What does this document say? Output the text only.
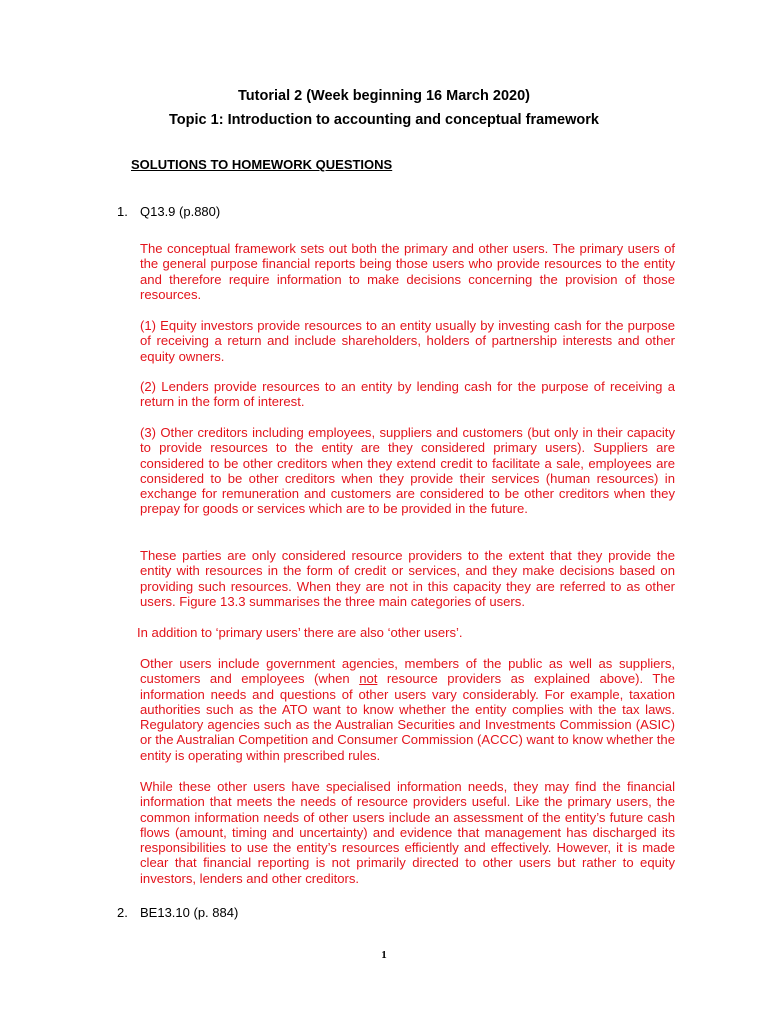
Tutorial 2 (Week beginning 16 March 2020)
Topic 1: Introduction to accounting and conceptual framework
SOLUTIONS TO HOMEWORK QUESTIONS
1. Q13.9 (p.880)
The conceptual framework sets out both the primary and other users. The primary users of the general purpose financial reports being those users who provide resources to the entity and therefore require information to make decisions concerning the provision of those resources.
(1) Equity investors provide resources to an entity usually by investing cash for the purpose of receiving a return and include shareholders, holders of partnership interests and other equity owners.
(2) Lenders provide resources to an entity by lending cash for the purpose of receiving a return in the form of interest.
(3) Other creditors including employees, suppliers and customers (but only in their capacity to provide resources to the entity are they considered primary users). Suppliers are considered to be other creditors when they extend credit to facilitate a sale, employees are considered to be other creditors when they provide their services (human resources) in exchange for remuneration and customers are considered to be other creditors when they prepay for goods or services which are to be provided in the future.
These parties are only considered resource providers to the extent that they provide the entity with resources in the form of credit or services, and they make decisions based on providing such resources. When they are not in this capacity they are referred to as other users. Figure 13.3 summarises the three main categories of users.
In addition to ‘primary users’ there are also ‘other users’.
Other users include government agencies, members of the public as well as suppliers, customers and employees (when not resource providers as explained above). The information needs and questions of other users vary considerably. For example, taxation authorities such as the ATO want to know whether the entity complies with the tax laws. Regulatory agencies such as the Australian Securities and Investments Commission (ASIC) or the Australian Competition and Consumer Commission (ACCC) want to know whether the entity is operating within prescribed rules.
While these other users have specialised information needs, they may find the financial information that meets the needs of resource providers useful. Like the primary users, the common information needs of other users include an assessment of the entity’s future cash flows (amount, timing and uncertainty) and evidence that management has discharged its responsibilities to use the entity’s resources efficiently and effectively. However, it is made clear that financial reporting is not primarily directed to other users but rather to equity investors, lenders and other creditors.
2. BE13.10 (p. 884)
1
